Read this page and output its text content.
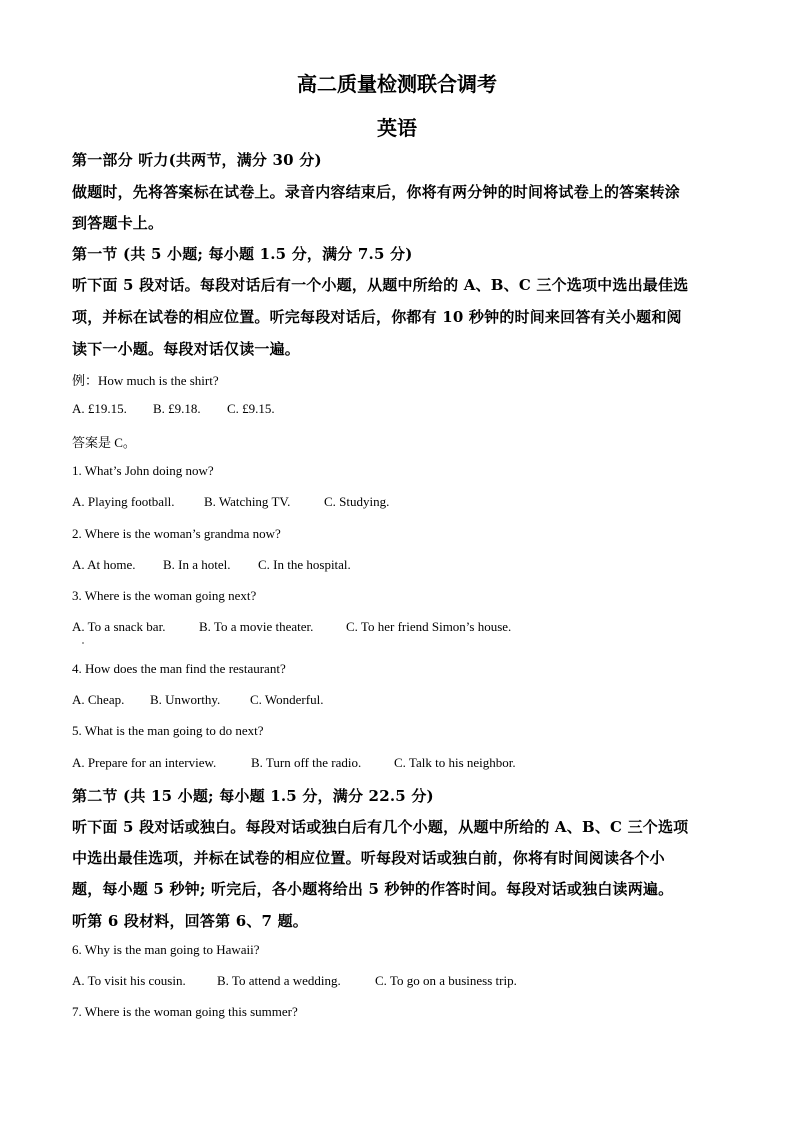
高二质量检测联合调考
英语
第一部分 听力(共两节，满分 30 分)
做题时，先将答案标在试卷上。录音内容结束后，你将有两分钟的时间将试卷上的答案转涂
到答题卡上。
第一节 (共 5 小题; 每小题 1.5 分，满分 7.5 分)
听下面 5 段对话。每段对话后有一个小题，从题中所给的 A、B、C 三个选项中选出最佳选
项，并标在试卷的相应位置。听完每段对话后，你都有 10 秒钟的时间来回答有关小题和阅
读下一小题。每段对话仅读一遍。
例：How much is the shirt?
A. £19.15. B. £9.18. C. £9.15.
答案是 C。
1. What’s John doing now?
A. Playing football. B. Watching TV.	C. Studying.
2. Where is the woman’s grandma now?
A. At home. B. In a hotel. C. In the hospital.
3. Where is the woman going next?
A. To a snack bar.	B. To a movie theater.	C. To her friend Simon’s house.
4. How does the man find the restaurant?
A. Cheap. B. Unworthy. C. Wonderful.
5. What is the man going to do next?
A. Prepare for an interview.	B. Turn off the radio.	C. Talk to his neighbor.
第二节 (共 15 小题; 每小题 1.5 分，满分 22.5 分)
听下面 5 段对话或独白。每段对话或独白后有几个小题，从题中所给的 A、B、C 三个选项
中选出最佳选项，并标在试卷的相应位置。听每段对话或独白前，你将有时间阅读各个小
题，每小题 5 秒钟; 听完后，各小题将给出 5 秒钟的作答时间。每段对话或独白读两遍。
听第 6 段材料，回答第 6、7 题。
6. Why is the man going to Hawaii?
A. To visit his cousin. B. To attend a wedding.	C. To go on a business trip.
7. Where is the woman going this summer?
